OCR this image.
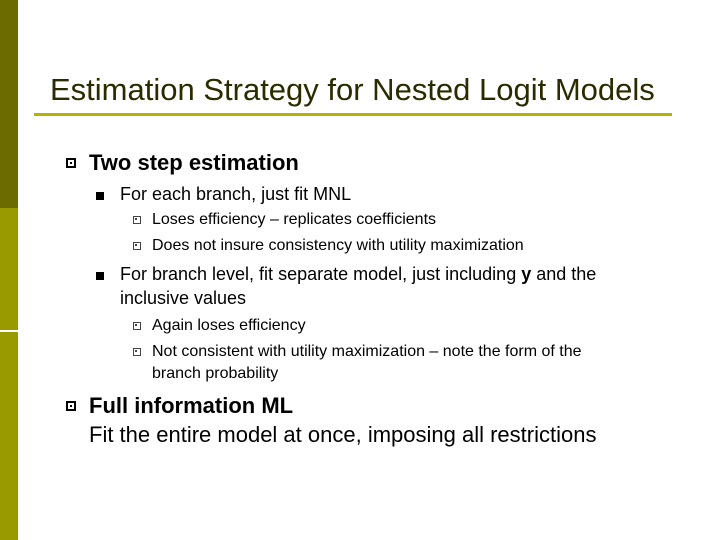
Estimation Strategy for Nested Logit Models
Two step estimation
For each branch, just fit MNL
Loses efficiency – replicates coefficients
Does not insure consistency with utility maximization
For branch level, fit separate model, just including y and the
inclusive values
Again loses efficiency
Not consistent with utility maximization – note the form of the
branch probability
Full information ML
Fit the entire model at once, imposing all restrictions
